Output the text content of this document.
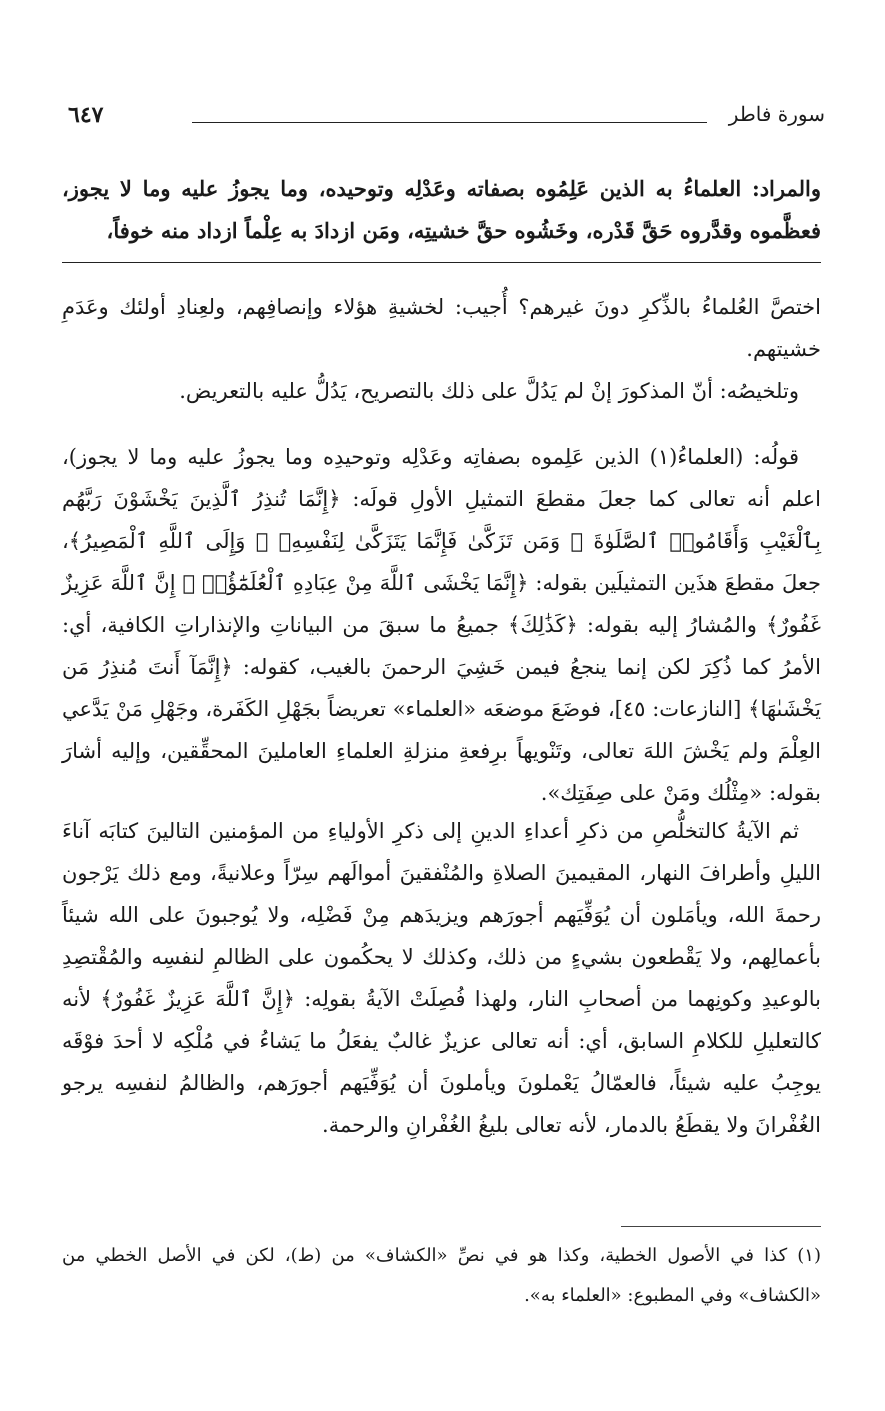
٦٤٧	سورة فاطر

والمراد: العلماءُ به الذين عَلِمُوه بصفاته وعَدْلِه وتوحيده، وما يجوزُ عليه وما لا يجوز، فعظَّموه وقدَّروه حَقَّ قَدْره، وخَشُوه حقَّ خشيتِه، ومَن ازدادَ به عِلْماً ازداد منه خوفاً،

اختصَّ العُلماءُ بالذِّكرِ دونَ غيرهم؟ أُجيب: لخشيةِ هؤلاء وإنصافِهم، ولعِنادِ أولئك وعَدَمِ خشيتهم.

وتلخيصُه: أنّ المذكورَ إنْ لم يَدُلَّ على ذلك بالتصريح، يَدُلُّ عليه بالتعريض.

قولُه: (العلماءُ(١) الذين عَلِموه بصفاتِه وعَدْلِه وتوحيدِه وما يجوزُ عليه وما لا يجوز)، اعلم أنه تعالى كما جعلَ مقطعَ التمثيلِ الأولِ قولَه: ﴿إِنَّمَا تُنذِرُ ٱلَّذِينَ يَخْشَوْنَ رَبَّهُم بِٱلْغَيْبِ وَأَقَامُوا۟ ٱلصَّلَوٰةَ ۚ وَمَن تَزَكَّىٰ فَإِنَّمَا يَتَزَكَّىٰ لِنَفْسِهِۦ ۚ وَإِلَى ٱللَّهِ ٱلْمَصِيرُ﴾، جعلَ مقطعَ هذَين التمثيلَين بقوله: ﴿إِنَّمَا يَخْشَى ٱللَّهَ مِنْ عِبَادِهِ ٱلْعُلَمَٰٓؤُا۟ ۗ إِنَّ ٱللَّهَ عَزِيزٌ غَفُورٌ﴾ والمُشارُ إليه بقوله: ﴿كَذَٰلِكَ﴾ جميعُ ما سبقَ من البياناتِ والإنذاراتِ الكافية، أي: الأمرُ كما ذُكِرَ لكن إنما ينجعُ فيمن خَشِيَ الرحمنَ بالغيب، كقوله: ﴿إِنَّمَآ أَنتَ مُنذِرُ مَن يَخْشَىٰهَا﴾ [النازعات: ٤٥]، فوضَعَ موضعَه «العلماء» تعريضاً بجَهْلِ الكَفَرة، وجَهْلِ مَنْ يَدَّعي العِلْمَ ولم يَخْشَ اللهَ تعالى، وتَنْويهاً برِفعةِ منزلةِ العلماءِ العاملينَ المحقِّقين، وإليه أشارَ بقوله: «مِثْلُك ومَنْ على صِفَتِك».

ثم الآيةُ كالتخلُّصِ من ذكرِ أعداءِ الدينِ إلى ذكرِ الأولياءِ من المؤمنين التالينَ كتابَه آناءَ الليلِ وأطرافَ النهار، المقيمينَ الصلاةِ والمُنْفقينَ أموالَهم سِرّاً وعلانيةً، ومع ذلك يَرْجون رحمةَ الله، ويأمَلون أن يُوَفِّيَهم أجورَهم ويزيدَهم مِنْ فَضْلِه، ولا يُوجبونَ على الله شيئاً بأعمالِهم، ولا يَقْطعون بشيءٍ من ذلك، وكذلك لا يحكُمون على الظالمِ لنفسِه والمُقْتصِدِ بالوعيدِ وكونِهما من أصحابِ النار، ولهذا فُصِلَتْ الآيةُ بقولِه: ﴿إِنَّ ٱللَّهَ عَزِيزٌ غَفُورٌ﴾ لأنه كالتعليلِ للكلامِ السابق، أي: أنه تعالى عزيزٌ غالبٌ يفعَلُ ما يَشاءُ في مُلْكِه لا أحدَ فوْقَه يوجِبُ عليه شيئاً، فالعمّالُ يَعْملونَ ويأملونَ أن يُوَفِّيَهم أجورَهم، والظالمُ لنفسِه يرجو الغُفْرانَ ولا يقطَعُ بالدمار، لأنه تعالى بليغُ الغُفْرانِ والرحمة.

(١) كذا في الأصول الخطية، وكذا هو في نصِّ «الكشاف» من (ط)، لكن في الأصل الخطي من «الكشاف» وفي المطبوع: «العلماء به».
